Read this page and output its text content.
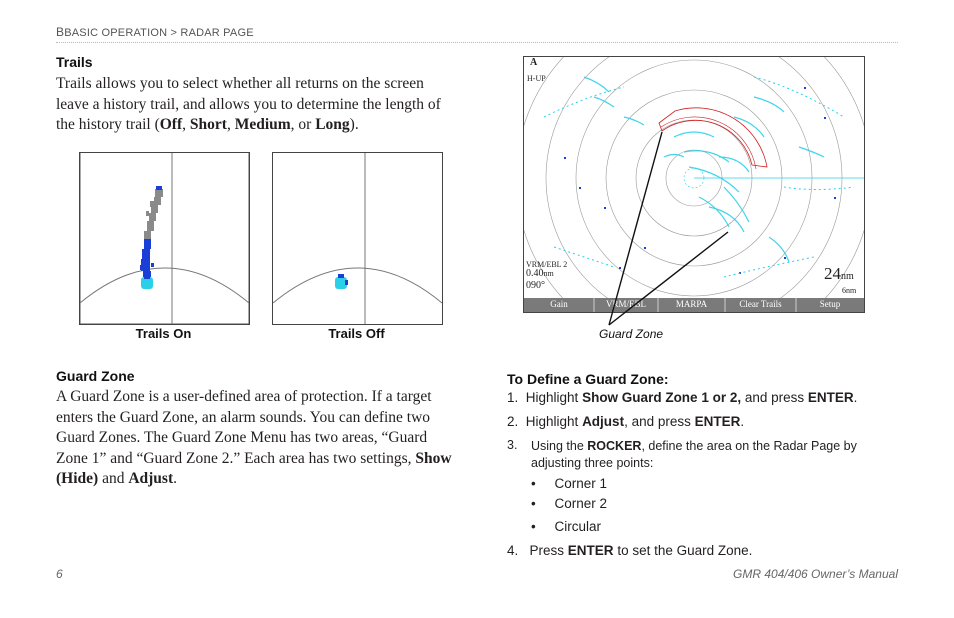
BBASIC OPERATION > RADAR PAGE
Trails
Trails allows you to select whether all returns on the screen leave a history trail, and allows you to determine the length of the history trail (Off, Short, Medium, or Long).
Trails On	Trails Off
Guard Zone
A Guard Zone is a user-defined area of protection. If a target enters the Guard Zone, an alarm sounds. You can define two Guard Zones. The Guard Zone Menu has two areas, “Guard Zone 1” and “Guard Zone 2.” Each area has two settings, Show (Hide) and Adjust.
A
H-UP
VRM/EBL 2
0.40nm
090°
24nm
6nm
Gain	VRM/EBL	MARPA	Clear Trails	Setup
Guard Zone
To Define a Guard Zone:
1. Highlight Show Guard Zone 1 or 2, and press ENTER.
2. Highlight Adjust, and press ENTER.
3. Using the ROCKER, define the area on the Radar Page by adjusting three points:
•     Corner 1
•     Corner 2
•     Circular
4. Press ENTER to set the Guard Zone.
6	GMR 404/406 Owner’s Manual
